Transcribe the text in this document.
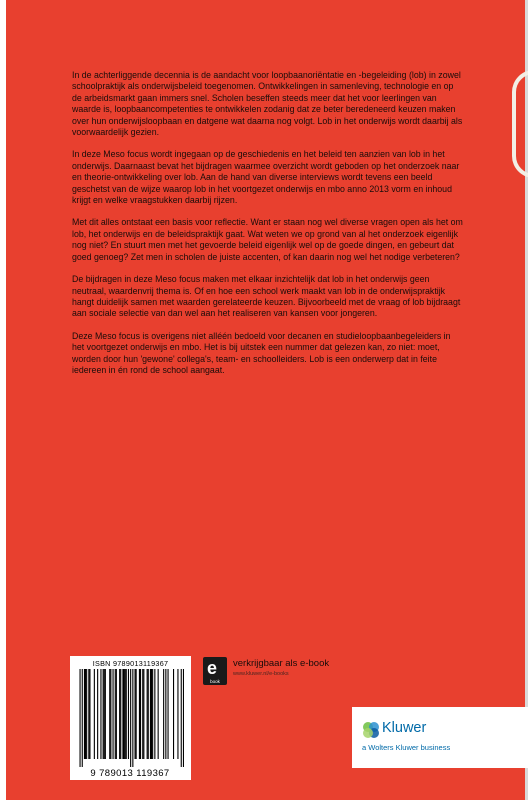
In de achterliggende decennia is de aandacht voor loopbaanoriëntatie en -begeleiding (lob) in zowel schoolpraktijk als onderwijsbeleid toegenomen. Ontwikkelingen in samenleving, technologie en op de arbeidsmarkt gaan immers snel. Scholen beseffen steeds meer dat het voor leerlingen van waarde is, loopbaancompetenties te ontwikkelen zodanig dat ze beter beredeneerd keuzen maken over hun onderwijsloopbaan en datgene wat daarna nog volgt. Lob in het onderwijs wordt daarbij als voorwaardelijk gezien.

In deze Meso focus wordt ingegaan op de geschiedenis en het beleid ten aanzien van lob in het onderwijs. Daarnaast bevat het bijdragen waarmee overzicht wordt geboden op het onderzoek naar en theorie-ontwikkeling over lob. Aan de hand van diverse interviews wordt tevens een beeld geschetst van de wijze waarop lob in het voortgezet onderwijs en mbo anno 2013 vorm en inhoud krijgt en welke vraagstukken daarbij rijzen.

Met dit alles ontstaat een basis voor reflectie. Want er staan nog wel diverse vragen open als het om lob, het onderwijs en de beleidspraktijk gaat. Wat weten we op grond van al het onderzoek eigenlijk nog niet? En stuurt men met het gevoerde beleid eigenlijk wel op de goede dingen, en gebeurt dat goed genoeg? Zet men in scholen de juiste accenten, of kan daarin nog wel het nodige verbeteren?

De bijdragen in deze Meso focus maken met elkaar inzichtelijk dat lob in het onderwijs geen neutraal, waardenvrij thema is. Of en hoe een school werk maakt van lob in de onderwijspraktijk hangt duidelijk samen met waarden gerelateerde keuzen. Bijvoorbeeld met de vraag of lob bijdraagt aan sociale selectie van dan wel aan het realiseren van kansen voor jongeren.

Deze Meso focus is overigens niet alléén bedoeld voor decanen en studieloopbaanbegeleiders in het voortgezet onderwijs en mbo. Het is bij uitstek een nummer dat gelezen kan, zo niet: moet, worden door hun 'gewone' collega's, team- en schoolleiders. Lob is een onderwerp dat in feite iedereen in én rond de school aangaat.

ISBN 9789013119367
9 789013 119367
e
book
verkrijgbaar als e-book
www.kluwer.nl/e-books
Kluwer
a Wolters Kluwer business
